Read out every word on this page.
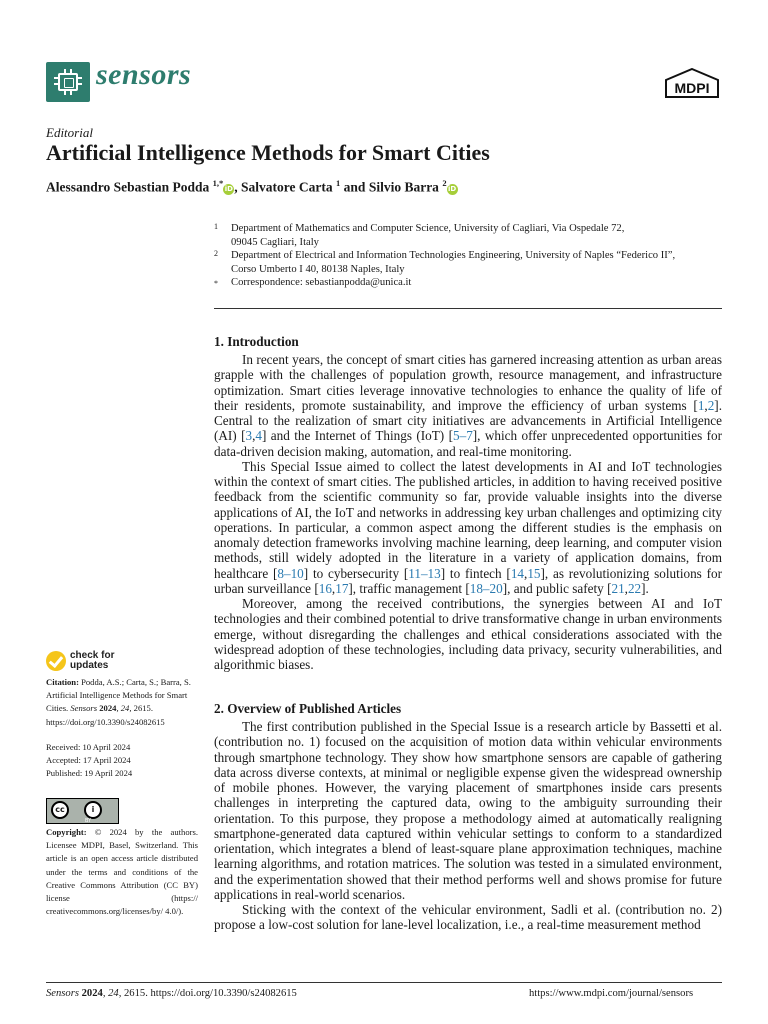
sensors	MDPI
Editorial
Artificial Intelligence Methods for Smart Cities
Alessandro Sebastian Podda $^{1,*}$iD, Salvatore Carta $^1$ and Silvio Barra $^2$iD
1 Department of Mathematics and Computer Science, University of Cagliari, Via Ospedale 72,
09045 Cagliari, Italy
2 Department of Electrical and Information Technologies Engineering, University of Naples “Federico II”,
Corso Umberto I 40, 80138 Naples, Italy
* Correspondence: sebastianpodda@unica.it
1. Introduction

In recent years, the concept of smart cities has garnered increasing attention as urban areas grapple with the challenges of population growth, resource management, and infrastructure optimization. Smart cities leverage innovative technologies to enhance the quality of life of their residents, promote sustainability, and improve the efficiency of urban systems [1,2]. Central to the realization of smart city initiatives are advancements in Artificial Intelligence (AI) [3,4] and the Internet of Things (IoT) [5–7], which offer unprecedented opportunities for data-driven decision making, automation, and real-time monitoring.

This Special Issue aimed to collect the latest developments in AI and IoT technologies within the context of smart cities. The published articles, in addition to having received positive feedback from the scientific community so far, provide valuable insights into the diverse applications of AI, the IoT and networks in addressing key urban challenges and optimizing city operations. In particular, a common aspect among the different studies is the emphasis on anomaly detection frameworks involving machine learning, deep learning, and computer vision methods, still widely adopted in the literature in a variety of application domains, from healthcare [8–10] to cybersecurity [11–13] to fintech [14,15], as revolutionizing solutions for urban surveillance [16,17], traffic management [18–20], and public safety [21,22].

Moreover, among the received contributions, the synergies between AI and IoT technologies and their combined potential to drive transformative change in urban environments emerge, without disregarding the challenges and ethical considerations associated with the widespread adoption of these technologies, including data privacy, security vulnerabilities, and algorithmic biases.

2. Overview of Published Articles

The first contribution published in the Special Issue is a research article by Bassetti et al. (contribution no. 1) focused on the acquisition of motion data within vehicular environments through smartphone technology. They show how smartphone sensors are capable of gathering data across diverse contexts, at minimal or negligible expense given the widespread ownership of mobile phones. However, the varying placement of smartphones inside cars presents challenges in interpreting the captured data, owing to the ambiguity surrounding their orientation. To this purpose, they propose a methodology aimed at automatically realigning smartphone-generated data captured within vehicular settings to conform to a standardized orientation, which integrates a blend of least-square plane approximation techniques, machine learning algorithms, and rotation matrices. The solution was tested in a simulated environment, and the experimentation showed that their method performs well and shows promise for future applications in real-world scenarios.

Sticking with the context of the vehicular environment, Sadli et al. (contribution no. 2) propose a low-cost solution for lane-level localization, i.e., a real-time measurement method

check for
updates

Citation: Podda, A.S.; Carta, S.; Barra, S. Artificial Intelligence Methods for Smart Cities. Sensors 2024, 24, 2615. https://doi.org/10.3390/s24082615

Received: 10 April 2024

Accepted: 17 April 2024

Published: 19 April 2024

cc	i
BY

Copyright: © 2024 by the authors. Licensee MDPI, Basel, Switzerland. This article is an open access article distributed under the terms and conditions of the Creative Commons Attribution (CC BY) license (https:// creativecommons.org/licenses/by/ 4.0/).

Sensors 2024, 24, 2615. https://doi.org/10.3390/s24082615	https://www.mdpi.com/journal/sensors
